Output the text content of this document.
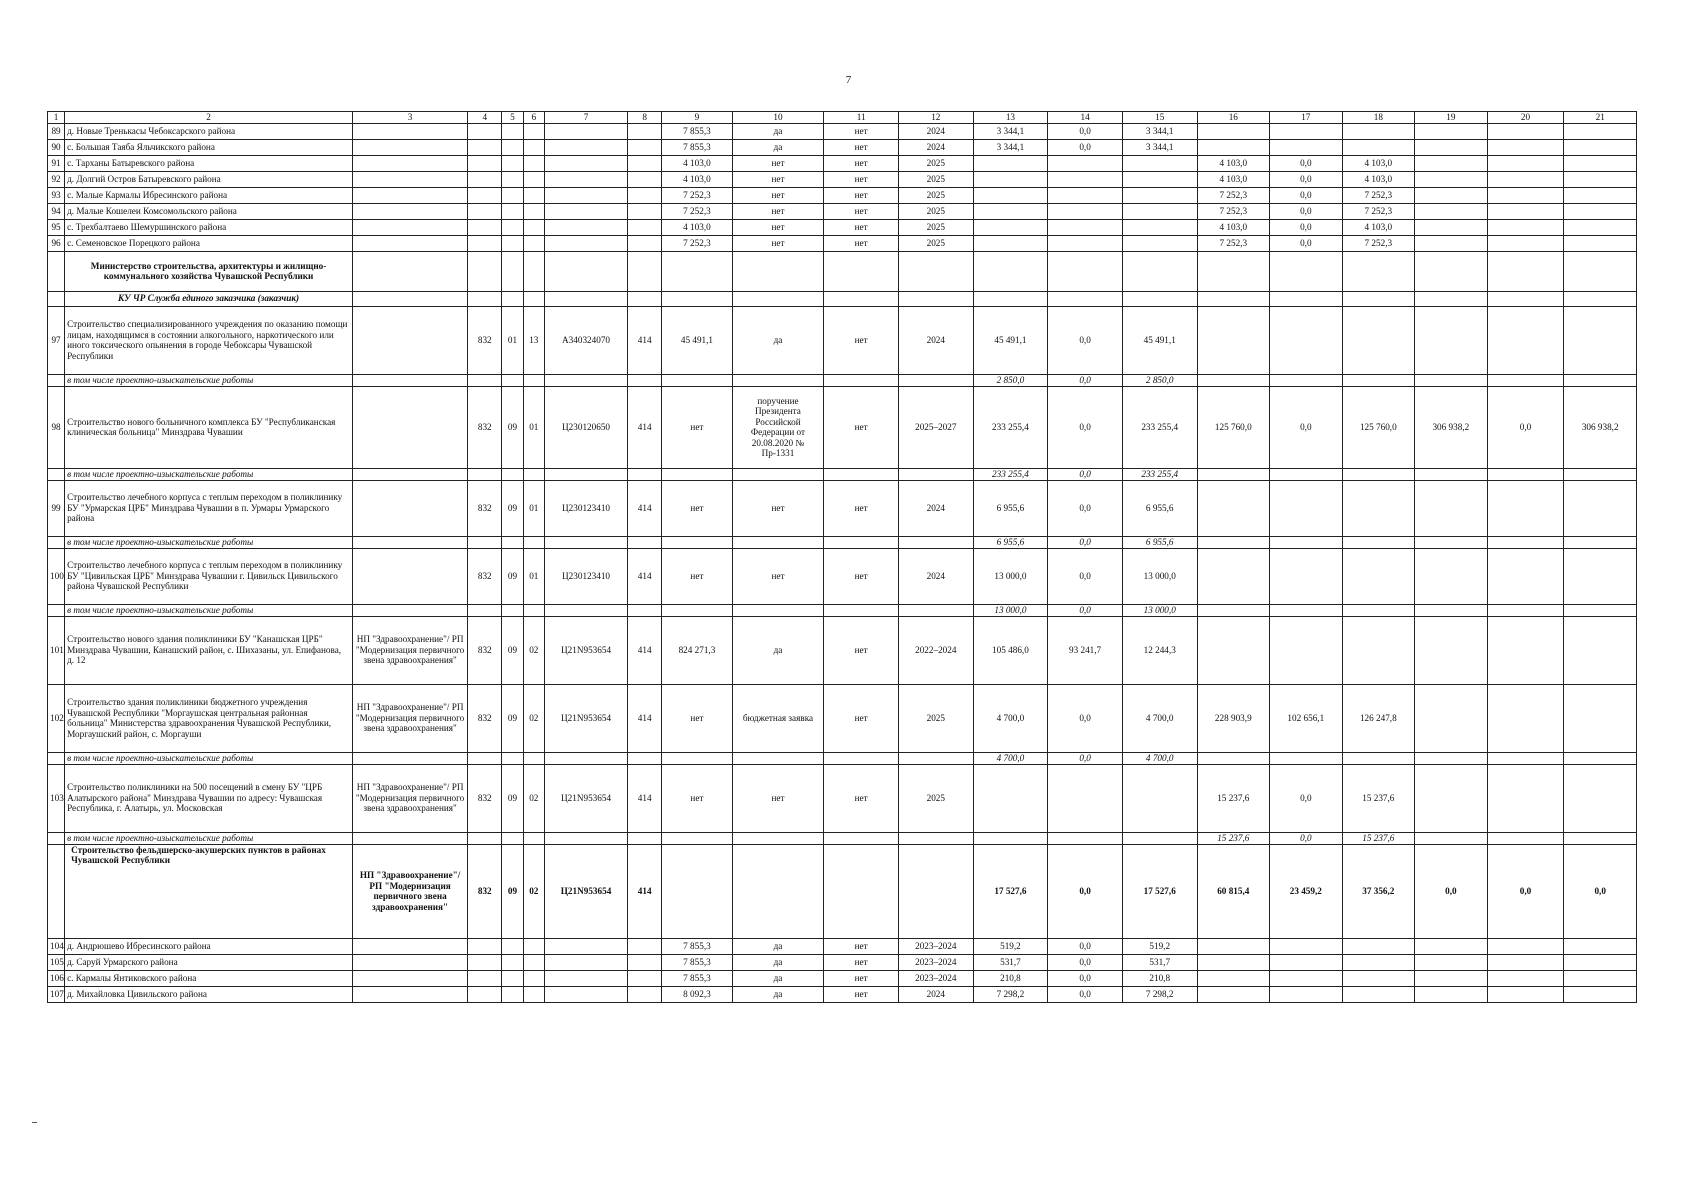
7
1	2	3	4	5	6	7	8	9	10	11	12	13	14	15	16	17	18	19	20	21
89	д. Новые Тренькасы Чебоксарского района							7 855,3	да	нет	2024	3 344,1	0,0	3 344,1						
90	с. Большая Таяба Яльчикского района							7 855,3	да	нет	2024	3 344,1	0,0	3 344,1						
91	с. Тарханы Батыревского района							4 103,0	нет	нет	2025				4 103,0	0,0	4 103,0			
92	д. Долгий Остров Батыревского района							4 103,0	нет	нет	2025				4 103,0	0,0	4 103,0			
93	с. Малые Кармалы Ибресинского района							7 252,3	нет	нет	2025				7 252,3	0,0	7 252,3			
94	д. Малые Кошелеи Комсомольского района							7 252,3	нет	нет	2025				7 252,3	0,0	7 252,3			
95	с. Трехбалтаево Шемуршинского района							4 103,0	нет	нет	2025				4 103,0	0,0	4 103,0			
96	с. Семеновское Порецкого района							7 252,3	нет	нет	2025				7 252,3	0,0	7 252,3			
	Министерство строительства, архитектуры и жилищно-коммунального хозяйства Чувашской Республики																			
	КУ ЧР Служба единого заказчика (заказчик)																			
97	Строительство специализированного учреждения по оказанию помощи лицам, находящимся в состоянии алкогольного, наркотического или иного токсического опьянения в городе Чебоксары Чувашской Республики		832	01	13	А340324070	414	45 491,1	да	нет	2024	45 491,1	0,0	45 491,1						
	в том числе проектно-изыскательские работы											2 850,0	0,0	2 850,0						
98	Строительство нового больничного комплекса БУ "Республиканская клиническая больница" Минздрава Чувашии		832	09	01	Ц230120650	414	нет	поручение Президента Российской Федерации от 20.08.2020 № Пр-1331	нет	2025–2027	233 255,4	0,0	233 255,4	125 760,0	0,0	125 760,0	306 938,2	0,0	306 938,2
	в том числе проектно-изыскательские работы											233 255,4	0,0	233 255,4						
99	Строительство лечебного корпуса с теплым переходом в поликлинику БУ "Урмарская ЦРБ" Минздрава Чувашии в п. Урмары Урмарского района		832	09	01	Ц230123410	414	нет	нет	нет	2024	6 955,6	0,0	6 955,6						
	в том числе проектно-изыскательские работы											6 955,6	0,0	6 955,6						
100	Строительство лечебного корпуса с теплым переходом в поликлинику БУ "Цивильская ЦРБ" Минздрава Чувашии г. Цивильск Цивильского района Чувашской Республики		832	09	01	Ц230123410	414	нет	нет	нет	2024	13 000,0	0,0	13 000,0						
	в том числе проектно-изыскательские работы											13 000,0	0,0	13 000,0						
101	Строительство нового здания поликлиники БУ "Канашская ЦРБ" Минздрава Чувашии, Канашский район, с. Шихазаны, ул. Епифанова, д. 12	НП "Здравоохранение"/ РП "Модернизация первичного звена здравоохранения"	832	09	02	Ц21N953654	414	824 271,3	да	нет	2022–2024	105 486,0	93 241,7	12 244,3						
102	Строительство здания поликлиники бюджетного учреждения Чувашской Республики "Моргаушская центральная районная больница" Министерства здравоохранения Чувашской Республики, Моргаушский район, с. Моргауши	НП "Здравоохранение"/ РП "Модернизация первичного звена здравоохранения"	832	09	02	Ц21N953654	414	нет	бюджетная заявка	нет	2025	4 700,0	0,0	4 700,0	228 903,9	102 656,1	126 247,8			
	в том числе проектно-изыскательские работы											4 700,0	0,0	4 700,0						
103	Строительство поликлиники на 500 посещений в смену БУ "ЦРБ Алатырского района" Минздрава Чувашии по адресу: Чувашская Республика, г. Алатырь, ул. Московская	НП "Здравоохранение"/ РП "Модернизация первичного звена здравоохранения"	832	09	02	Ц21N953654	414	нет	нет	нет	2025				15 237,6	0,0	15 237,6			
	в том числе проектно-изыскательские работы														15 237,6	0,0	15 237,6			
	Строительство фельдшерско-акушерских пунктов в районах Чувашской Республики	НП "Здравоохранение"/ РП "Модернизация первичного звена здравоохранения"	832	09	02	Ц21N953654	414					17 527,6	0,0	17 527,6	60 815,4	23 459,2	37 356,2	0,0	0,0	0,0
104	д. Андрюшево Ибресинского района							7 855,3	да	нет	2023–2024	519,2	0,0	519,2						
105	д. Саруй Урмарского района							7 855,3	да	нет	2023–2024	531,7	0,0	531,7						
106	с. Кармалы Янтиковского района							7 855,3	да	нет	2023–2024	210,8	0,0	210,8						
107	д. Михайловка Цивильского района							8 092,3	да	нет	2024	7 298,2	0,0	7 298,2						
